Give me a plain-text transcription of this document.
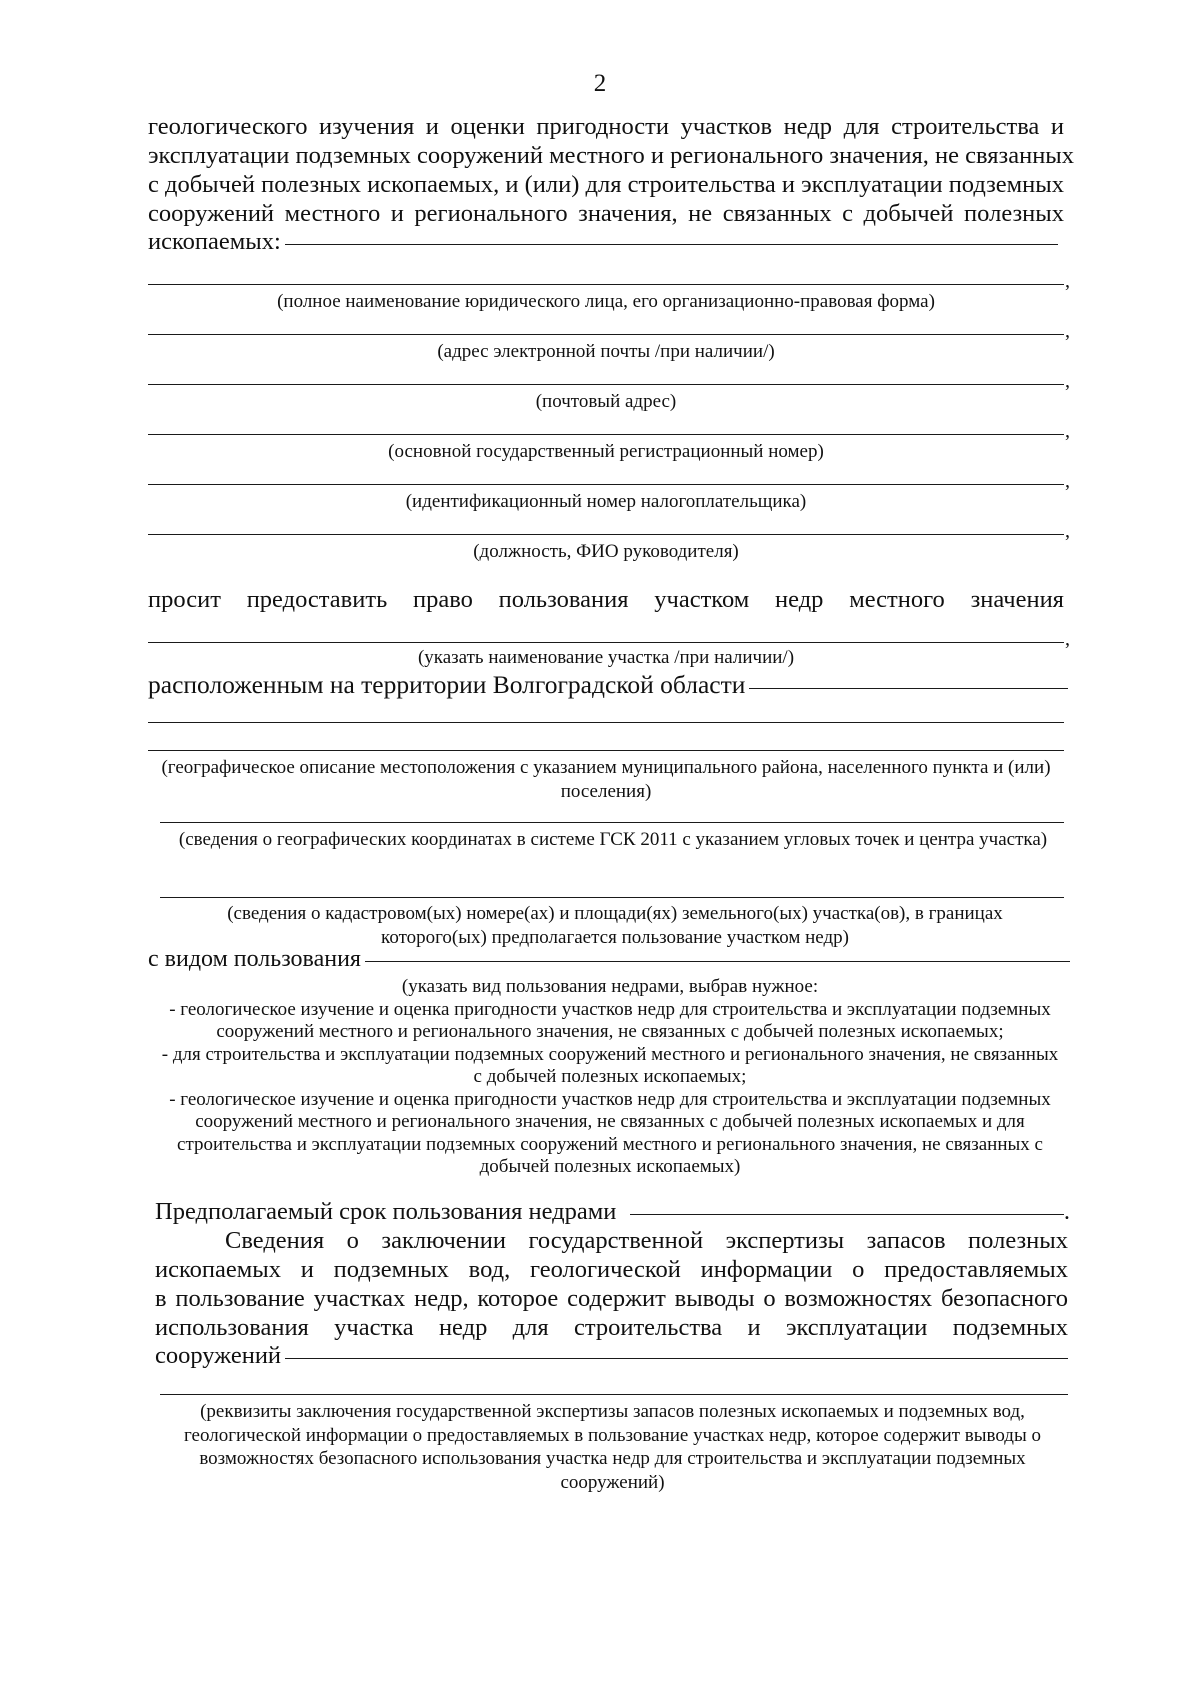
2
геологического изучения и оценки пригодности участков недр для строительства и
эксплуатации подземных сооружений местного и регионального значения, не связанных
с добычей полезных ископаемых, и (или) для строительства и эксплуатации подземных
сооружений местного и регионального значения, не связанных с добычей полезных
ископаемых:
,
(полное наименование юридического лица, его организационно-правовая форма)
,
(адрес электронной почты /при наличии/)
,
(почтовый адрес)
,
(основной государственный регистрационный номер)
,
(идентификационный номер налогоплательщика)
,
(должность, ФИО руководителя)
просит предоставить право пользования участком недр местного значения
,
(указать наименование участка /при наличии/)
расположенным на территории Волгоградской области
(географическое описание местоположения с указанием муниципального района, населенного пункта и (или) поселения)
(сведения о географических координатах в системе ГСК 2011 с указанием угловых точек и центра участка)
(сведения о кадастровом(ых) номере(ах) и площади(ях) земельного(ых) участка(ов), в границах которого(ых) предполагается пользование участком недр)
с видом пользования
(указать вид пользования недрами, выбрав нужное:
- геологическое изучение и оценка пригодности участков недр для строительства и эксплуатации подземных сооружений местного и регионального значения, не связанных с добычей полезных ископаемых;
- для строительства и эксплуатации подземных сооружений местного и регионального значения, не связанных с добычей полезных ископаемых;
- геологическое изучение и оценка пригодности участков недр для строительства и эксплуатации подземных сооружений местного и регионального значения, не связанных с добычей полезных ископаемых и для строительства и эксплуатации подземных сооружений местного и регионального значения, не связанных с добычей полезных ископаемых)
Предполагаемый срок пользования недрами	.
Сведения о заключении государственной экспертизы запасов полезных
ископаемых и подземных вод, геологической информации о предоставляемых
в пользование участках недр, которое содержит выводы о возможностях безопасного
использования участка недр для строительства и эксплуатации подземных
сооружений
(реквизиты заключения государственной экспертизы запасов полезных ископаемых и подземных вод, геологической информации о предоставляемых в пользование участках недр, которое содержит выводы о возможностях безопасного использования участка недр для строительства и эксплуатации подземных сооружений)
